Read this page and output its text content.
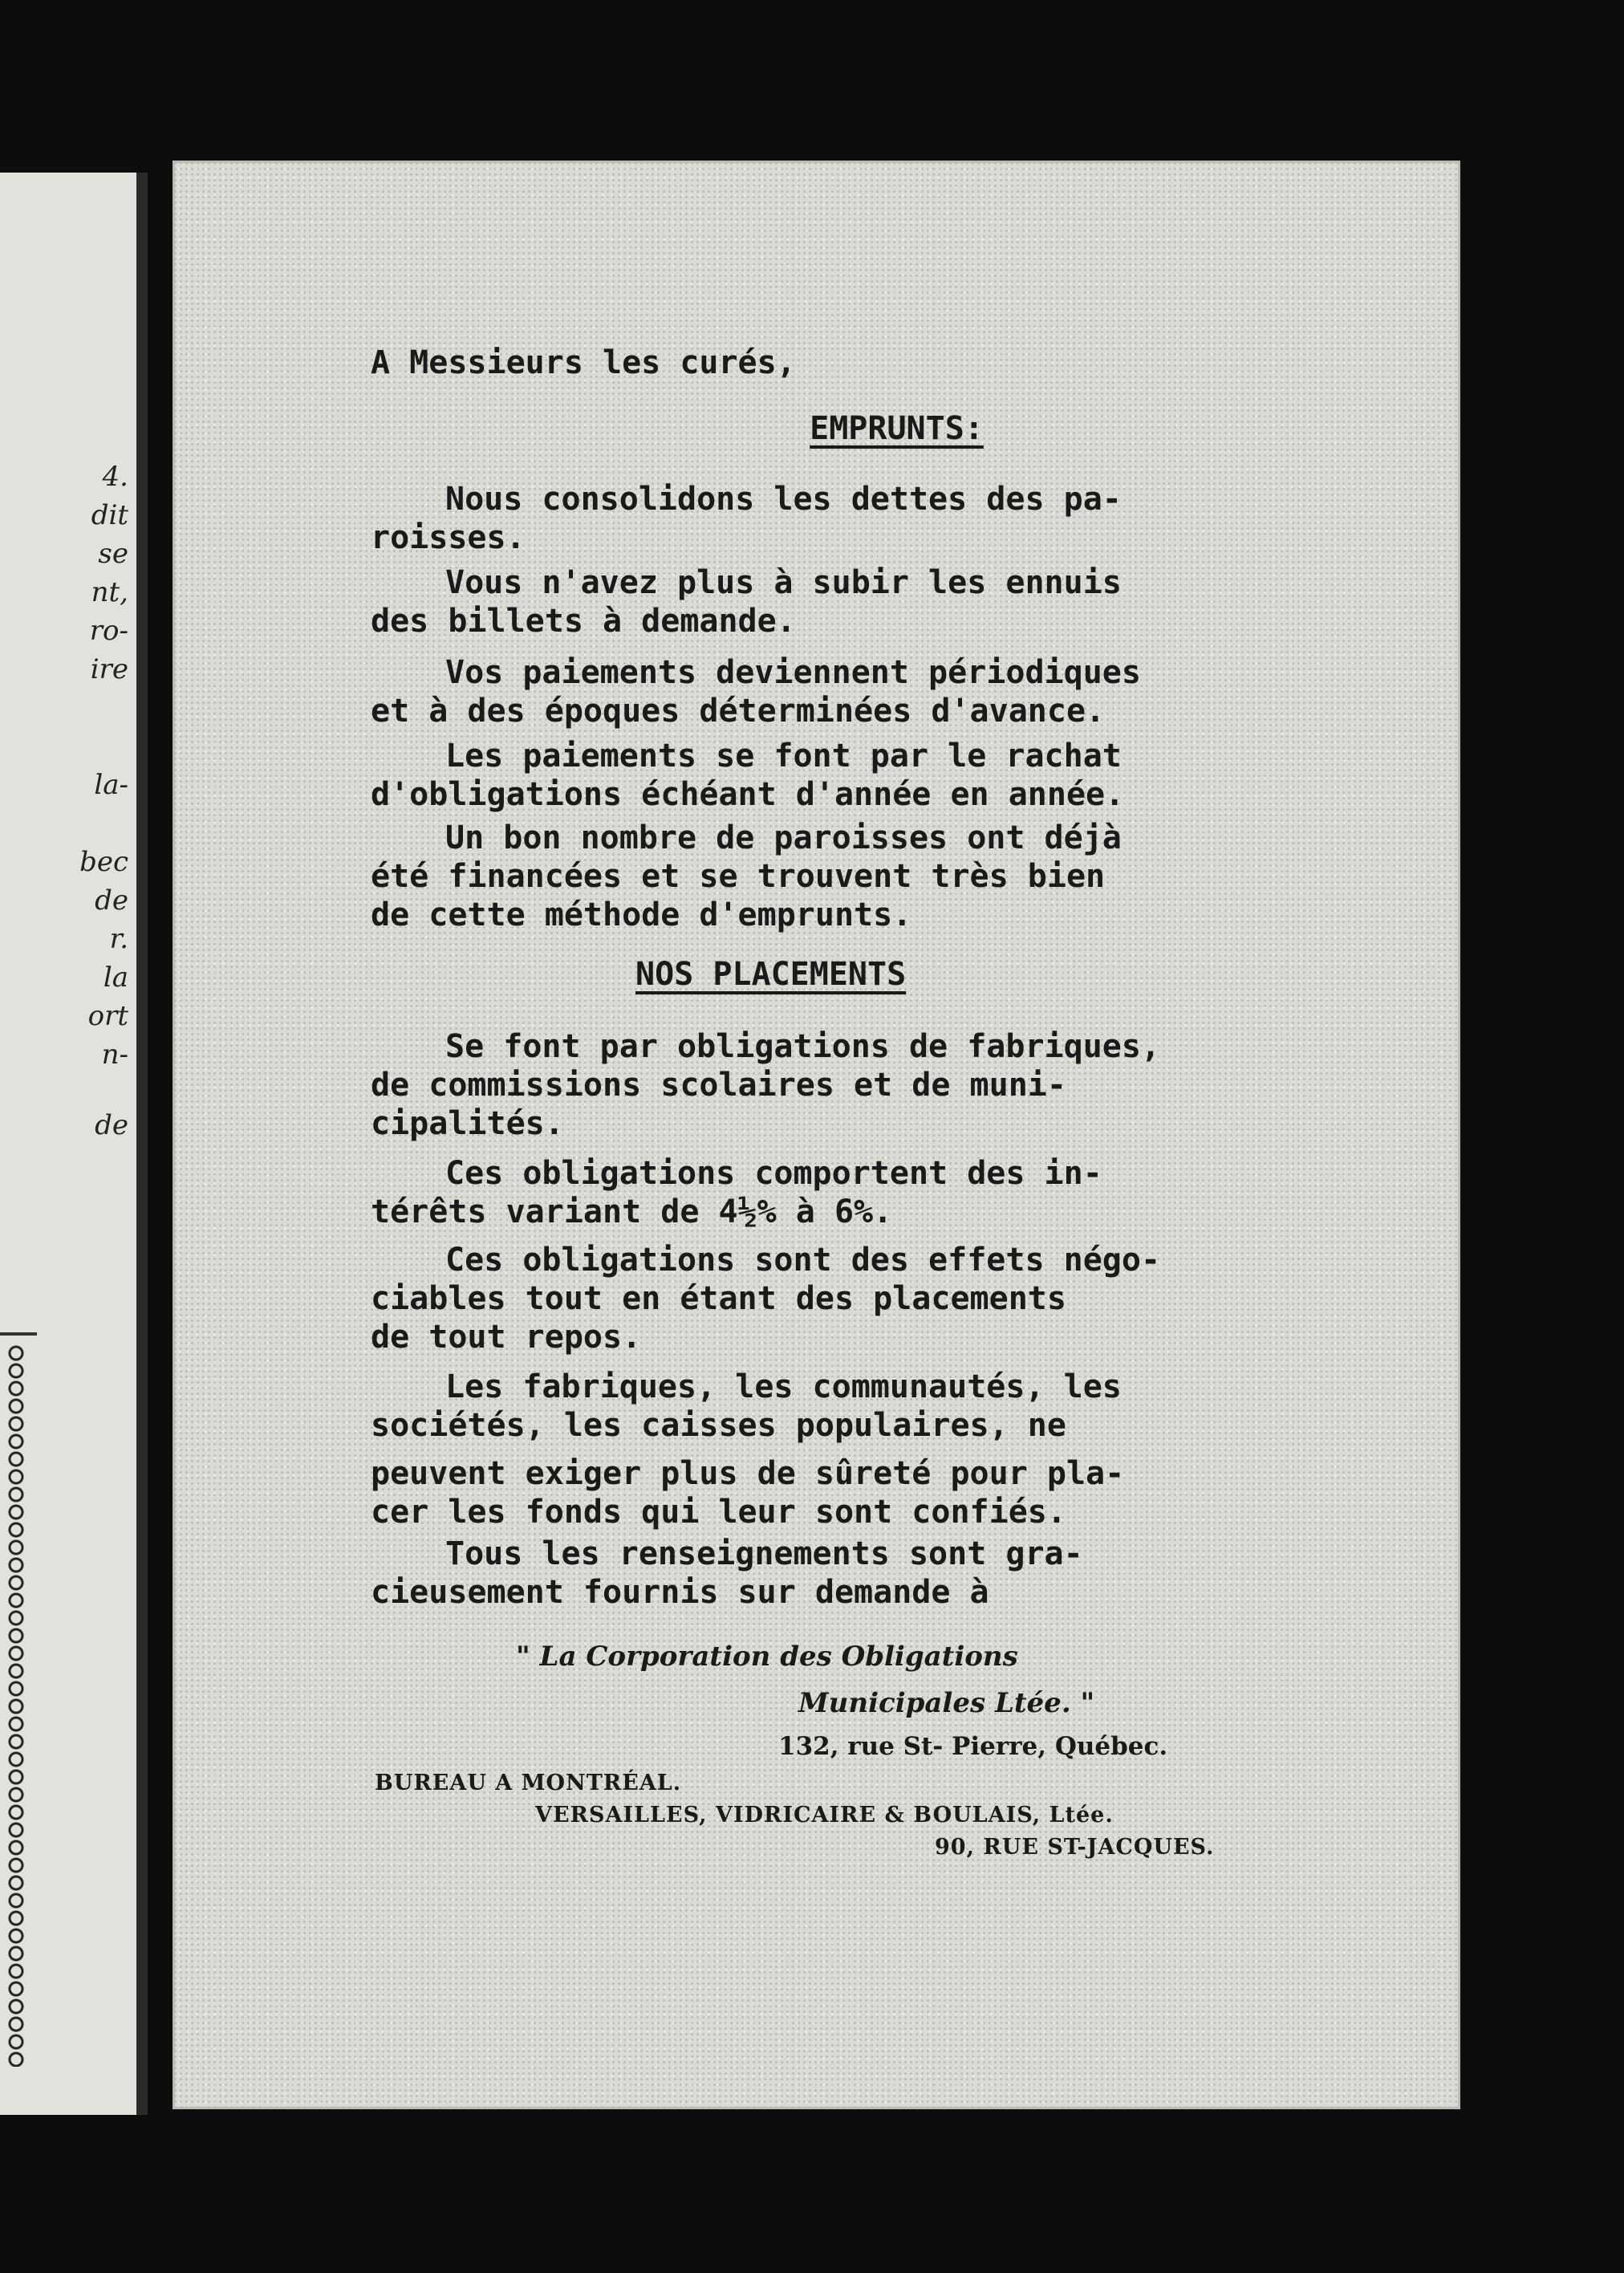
4.
dit
se
nt,
ro-
ire
la-
bec
de
r.
la
ort
n-
de
A Messieurs les curés,
EMPRUNTS:
Nous consolidons les dettes des pa-
roisses.
Vous n'avez plus à subir les ennuis
des billets à demande.
Vos paiements deviennent périodiques
et à des époques déterminées d'avance.
Les paiements se font par le rachat
d'obligations échéant d'année en année.
Un bon nombre de paroisses ont déjà
été financées et se trouvent très bien
de cette méthode d'emprunts.
NOS PLACEMENTS
Se font par obligations de fabriques,
de commissions scolaires et de muni-
cipalités.
Ces obligations comportent des in-
térêts variant de 4½% à 6%.
Ces obligations sont des effets négo-
ciables tout en étant des placements
de tout repos.
Les fabriques, les communautés, les
sociétés, les caisses populaires, ne
peuvent exiger plus de sûreté pour pla-
cer les fonds qui leur sont confiés.
Tous les renseignements sont gra-
cieusement fournis sur demande à
" La Corporation des Obligations
Municipales Ltée. "
132, rue St- Pierre, Québec.
BUREAU A MONTRÉAL.
VERSAILLES, VIDRICAIRE & BOULAIS, Ltée.
90, RUE ST-JACQUES.
